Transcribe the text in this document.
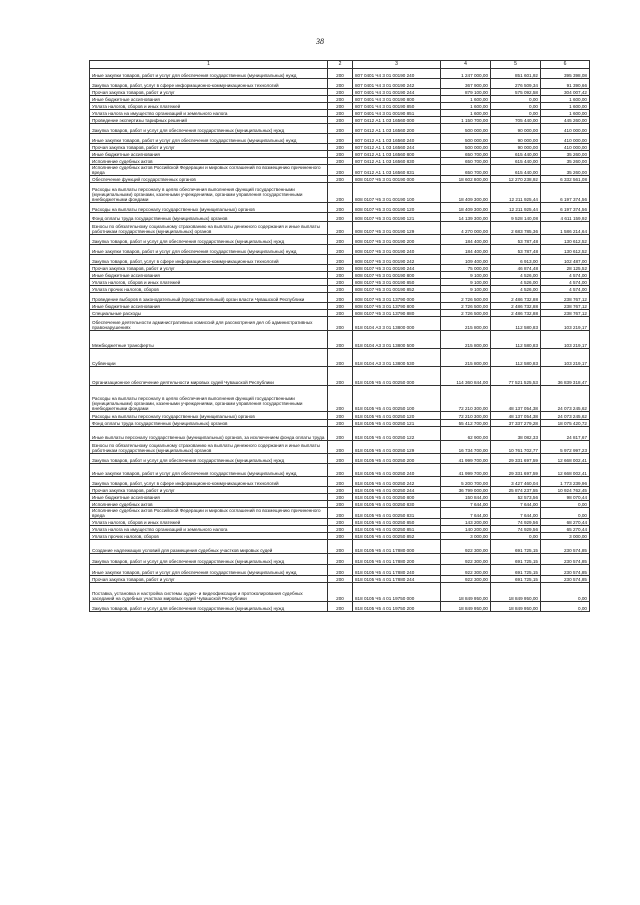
38
1	2	3	4	5	6
Иные закупки товаров, работ и услуг для обеспечения государственных (муниципальных) нужд	200	807 0401 Ч4 3 01 00190 240	1 247 000,00	851 601,92	395 398,08
Закупка товаров, работ, услуг в сфере информационно-коммуникационных технологий	200	807 0401 Ч4 3 01 00190 242	367 900,00	276 509,34	91 390,66
Прочая закупка товаров, работ и услуг	200	807 0401 Ч4 3 01 00190 244	879 100,00	575 092,58	304 007,42
Иные бюджетные ассигнования	200	807 0401 Ч4 3 01 00190 800	1 600,00	0,00	1 600,00
Уплата налогов, сборов и иных платежей	200	807 0401 Ч4 3 01 00190 850	1 600,00	0,00	1 600,00
Уплата налога на имущество организаций и земельного налога	200	807 0401 Ч4 3 01 00190 851	1 600,00	0,00	1 600,00
Проведение экспертизы тарифных решений	200	807 0412 А1 1 03 16560 000	1 150 700,00	705 440,00	445 260,00
Закупка товаров, работ и услуг для обеспечения государственных (муниципальных) нужд	200	807 0412 А1 1 03 16560 200	500 000,00	90 000,00	410 000,00
Иные закупки товаров, работ и услуг для обеспечения государственных (муниципальных) нужд	200	807 0412 А1 1 03 16560 240	500 000,00	90 000,00	410 000,00
Прочая закупка товаров, работ и услуг	200	807 0412 А1 1 03 16560 244	500 000,00	90 000,00	410 000,00
Иные бюджетные ассигнования	200	807 0412 А1 1 03 16560 800	650 700,00	615 440,00	35 260,00
Исполнение судебных актов	200	807 0412 А1 1 03 16560 830	650 700,00	615 440,00	35 260,00
Исполнение судебных актов Российской Федерации и мировых соглашений по возмещению причиненного вреда	200	807 0412 А1 1 03 16560 831	650 700,00	615 440,00	35 260,00
Обеспечение функций государственных органов	200	808 0107 Ч5 3 01 00190 000	18 602 800,00	12 270 238,92	6 332 561,08
Расходы на выплаты персоналу в целях обеспечения выполнения функций государственными (муниципальными) органами, казенными учреждениями, органами управления государственными внебюджетными фондами	200	808 0107 Ч5 3 01 00190 100	18 409 300,00	12 211 925,44	6 197 374,56
Расходы на выплаты персоналу государственных (муниципальных) органов	200	808 0107 Ч5 3 01 00190 120	18 409 300,00	12 211 925,44	6 197 374,56
Фонд оплаты труда государственных (муниципальных) органов	200	808 0107 Ч5 3 01 00190 121	14 139 300,00	9 528 140,08	4 611 159,92
Взносы по обязательному социальному страхованию на выплаты денежного содержания и иные выплаты работникам государственных (муниципальных) органов	200	808 0107 Ч5 3 01 00190 129	4 270 000,00	2 683 785,36	1 586 214,64
Закупка товаров, работ и услуг для обеспечения государственных (муниципальных) нужд	200	808 0107 Ч5 3 01 00190 200	184 400,00	53 787,48	130 612,52
Иные закупки товаров, работ и услуг для обеспечения государственных (муниципальных) нужд	200	808 0107 Ч5 3 01 00190 240	184 400,00	53 787,48	130 612,52
Закупка товаров, работ, услуг в сфере информационно-коммуникационных технологий	200	808 0107 Ч5 3 01 00190 242	109 400,00	6 913,00	102 487,00
Прочая закупка товаров, работ и услуг	200	808 0107 Ч5 3 01 00190 244	75 000,00	46 874,48	28 125,52
Иные бюджетные ассигнования	200	808 0107 Ч5 3 01 00190 800	9 100,00	4 526,00	4 574,00
Уплата налогов, сборов и иных платежей	200	808 0107 Ч5 3 01 00190 850	9 100,00	4 526,00	4 574,00
Уплата прочих налогов, сборов	200	808 0107 Ч5 3 01 00190 852	9 100,00	4 526,00	4 574,00
Проведение выборов в законодательный (представительный) орган власти Чувашской Республики	200	808 0107 Ч5 3 01 13790 000	2 726 500,00	2 486 732,88	238 767,12
Иные бюджетные ассигнования	200	808 0107 Ч5 3 01 13790 800	2 726 500,00	2 486 732,88	238 767,12
Специальные расходы	200	808 0107 Ч5 3 01 13790 880	2 726 500,00	2 486 732,88	238 767,12
Обеспечение деятельности административных комиссий для рассмотрения дел об административных правонарушениях	200	818 0104 А3 3 01 13800 000	215 800,00	112 580,83	103 219,17
Межбюджетные трансферты	200	818 0104 А3 3 01 13800 500	215 800,00	112 580,83	103 219,17
Субвенции	200	818 0104 А3 3 01 13800 530	215 800,00	112 580,83	103 219,17
Организационное обеспечение деятельности мировых судей Чувашской Республики	200	818 0105 Ч5 4 01 00250 000	114 360 844,00	77 521 525,53	36 839 318,47
Расходы на выплаты персоналу в целях обеспечения выполнения функций государственными (муниципальными) органами, казенными учреждениями, органами управления государственными внебюджетными фондами	200	818 0105 Ч5 4 01 00250 100	72 210 300,00	48 137 054,38	24 073 245,62
Расходы на выплаты персоналу государственных (муниципальных) органов	200	818 0105 Ч5 4 01 00250 120	72 210 300,00	48 137 054,38	24 073 245,62
Фонд оплаты труда государственных (муниципальных) органов	200	818 0105 Ч5 4 01 00250 121	55 412 700,00	37 337 279,28	18 075 420,72
Иные выплаты персоналу государственных (муниципальных) органов, за исключением фонда оплаты труда	200	818 0105 Ч5 4 01 00250 122	62 900,00	38 082,33	24 817,67
Взносы по обязательному социальному страхованию на выплаты денежного содержания и иные выплаты работникам государственных (муниципальных) органов	200	818 0105 Ч5 4 01 00250 129	16 734 700,00	10 761 702,77	5 972 997,23
Закупка товаров, работ и услуг для обеспечения государственных (муниципальных) нужд	200	818 0105 Ч5 4 01 00250 200	41 999 700,00	29 331 697,59	12 668 002,41
Иные закупки товаров, работ и услуг для обеспечения государственных (муниципальных) нужд	200	818 0105 Ч5 4 01 00250 240	41 999 700,00	29 331 697,59	12 668 002,41
Закупка товаров, работ, услуг в сфере информационно-коммуникационных технологий	200	818 0105 Ч5 4 01 00250 242	5 200 700,00	3 427 460,04	1 773 239,96
Прочая закупка товаров, работ и услуг	200	818 0105 Ч5 4 01 00250 244	36 799 000,00	25 874 237,55	10 924 762,45
Иные бюджетные ассигнования	200	818 0105 Ч5 4 01 00250 800	150 844,00	52 573,56	98 070,44
Исполнение судебных актов	200	818 0105 Ч5 4 01 00250 830	7 644,00	7 644,00	0,00
Исполнение судебных актов Российской Федерации и мировых соглашений по возмещению причиненного вреда	200	818 0105 Ч5 4 01 00250 831	7 644,00	7 644,00	0,00
Уплата налогов, сборов и иных платежей	200	818 0105 Ч5 4 01 00250 850	143 200,00	74 929,56	68 270,44
Уплата налога на имущество организаций и земельного налога	200	818 0105 Ч5 4 01 00250 851	140 200,00	74 929,56	65 270,44
Уплата прочих налогов, сборов	200	818 0105 Ч5 4 01 00250 852	3 000,00	0,00	3 000,00
Создание надлежащих условий для размещения судебных участков мировых судей	200	818 0105 Ч5 4 01 17880 000	922 300,00	691 725,15	230 574,85
Закупка товаров, работ и услуг для обеспечения государственных (муниципальных) нужд	200	818 0105 Ч5 4 01 17880 200	922 300,00	691 725,15	230 574,85
Иные закупки товаров, работ и услуг для обеспечения государственных (муниципальных) нужд	200	818 0105 Ч5 4 01 17880 240	922 300,00	691 725,15	230 574,85
Прочая закупка товаров, работ и услуг	200	818 0105 Ч5 4 01 17880 244	922 300,00	691 725,15	230 574,85
Поставка, установка и настройка системы аудио- и видеофиксации и протоколирования судебных заседаний на судебных участках мировых судей Чувашской Республики	200	818 0105 Ч5 4 01 19750 000	18 849 950,00	18 849 950,00	0,00
Закупка товаров, работ и услуг для обеспечения государственных (муниципальных) нужд	200	818 0105 Ч5 4 01 19750 200	18 849 950,00	18 849 950,00	0,00
